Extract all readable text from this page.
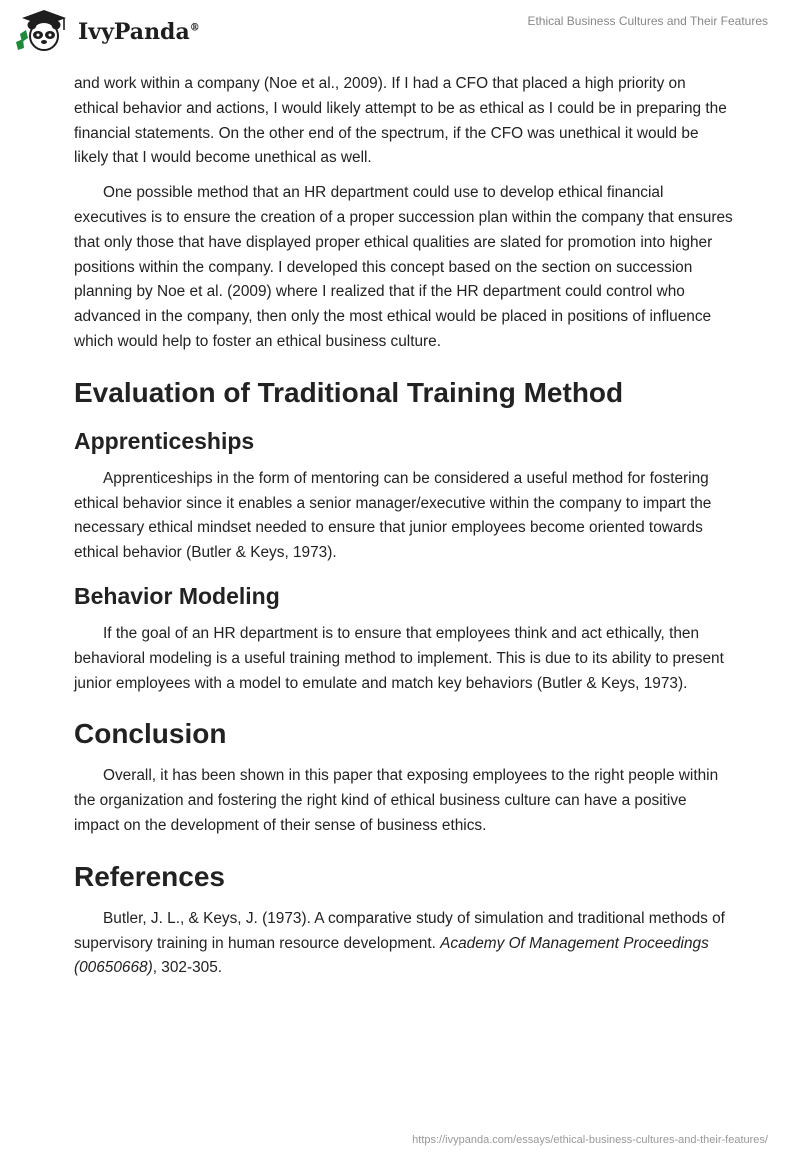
IvyPanda®
Ethical Business Cultures and Their Features

and work within a company (Noe et al., 2009). If I had a CFO that placed a high priority on ethical behavior and actions, I would likely attempt to be as ethical as I could be in preparing the financial statements. On the other end of the spectrum, if the CFO was unethical it would be likely that I would become unethical as well.

One possible method that an HR department could use to develop ethical financial executives is to ensure the creation of a proper succession plan within the company that ensures that only those that have displayed proper ethical qualities are slated for promotion into higher positions within the company. I developed this concept based on the section on succession planning by Noe et al. (2009) where I realized that if the HR department could control who advanced in the company, then only the most ethical would be placed in positions of influence which would help to foster an ethical business culture.

Evaluation of Traditional Training Method
Apprenticeships

Apprenticeships in the form of mentoring can be considered a useful method for fostering ethical behavior since it enables a senior manager/executive within the company to impart the necessary ethical mindset needed to ensure that junior employees become oriented towards ethical behavior (Butler & Keys, 1973).

Behavior Modeling

If the goal of an HR department is to ensure that employees think and act ethically, then behavioral modeling is a useful training method to implement. This is due to its ability to present junior employees with a model to emulate and match key behaviors (Butler & Keys, 1973).

Conclusion

Overall, it has been shown in this paper that exposing employees to the right people within the organization and fostering the right kind of ethical business culture can have a positive impact on the development of their sense of business ethics.

References

Butler, J. L., & Keys, J. (1973). A comparative study of simulation and traditional methods of supervisory training in human resource development. Academy Of Management Proceedings (00650668), 302-305.

https://ivypanda.com/essays/ethical-business-cultures-and-their-features/
